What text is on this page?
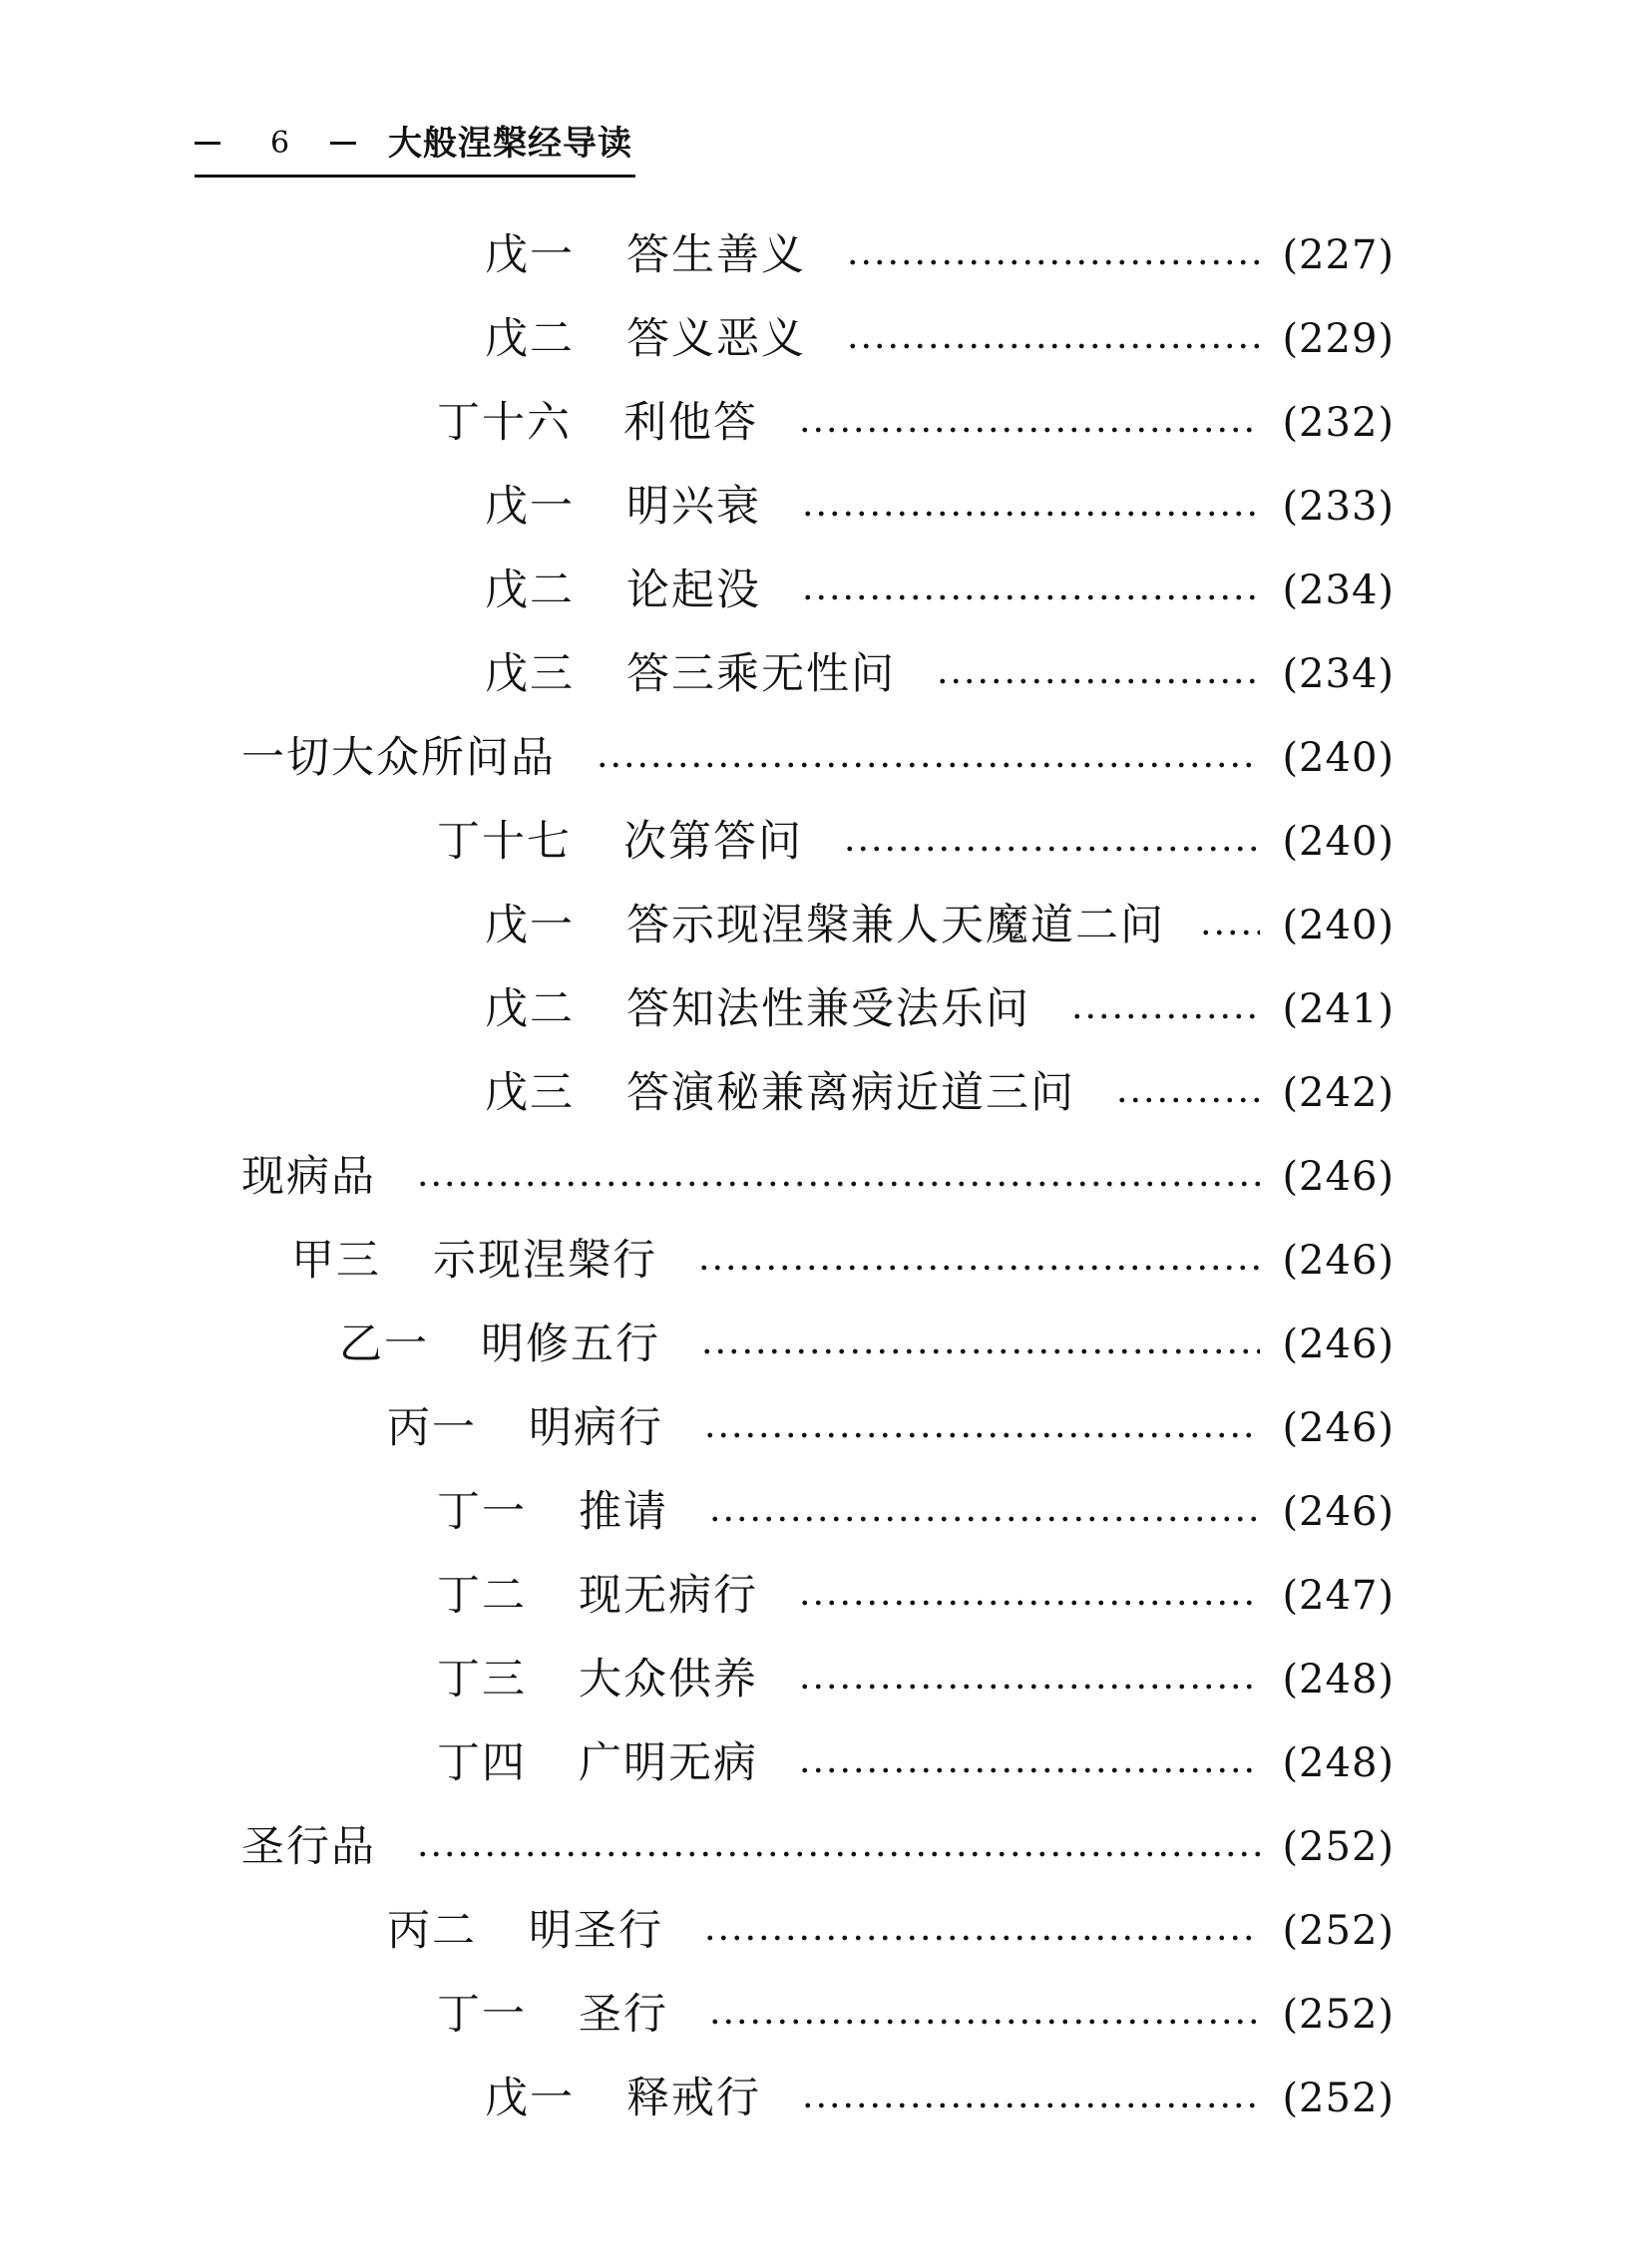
6	大般涅槃经导读
戊一 答生善义	(227)
戊二 答义恶义	(229)
丁十六 利他答	(232)
戊一 明兴衰	(233)
戊二 论起没	(234)
戊三 答三乘无性问	(234)
一切大众所问品	(240)
丁十七 次第答问	(240)
戊一 答示现涅槃兼人天魔道二问	(240)
戊二 答知法性兼受法乐问	(241)
戊三 答演秘兼离病近道三问	(242)
现病品	(246)
甲三 示现涅槃行	(246)
乙一 明修五行	(246)
丙一 明病行	(246)
丁一 推请	(246)
丁二 现无病行	(247)
丁三 大众供养	(248)
丁四 广明无病	(248)
圣行品	(252)
丙二 明圣行	(252)
丁一 圣行	(252)
戊一 释戒行	(252)
